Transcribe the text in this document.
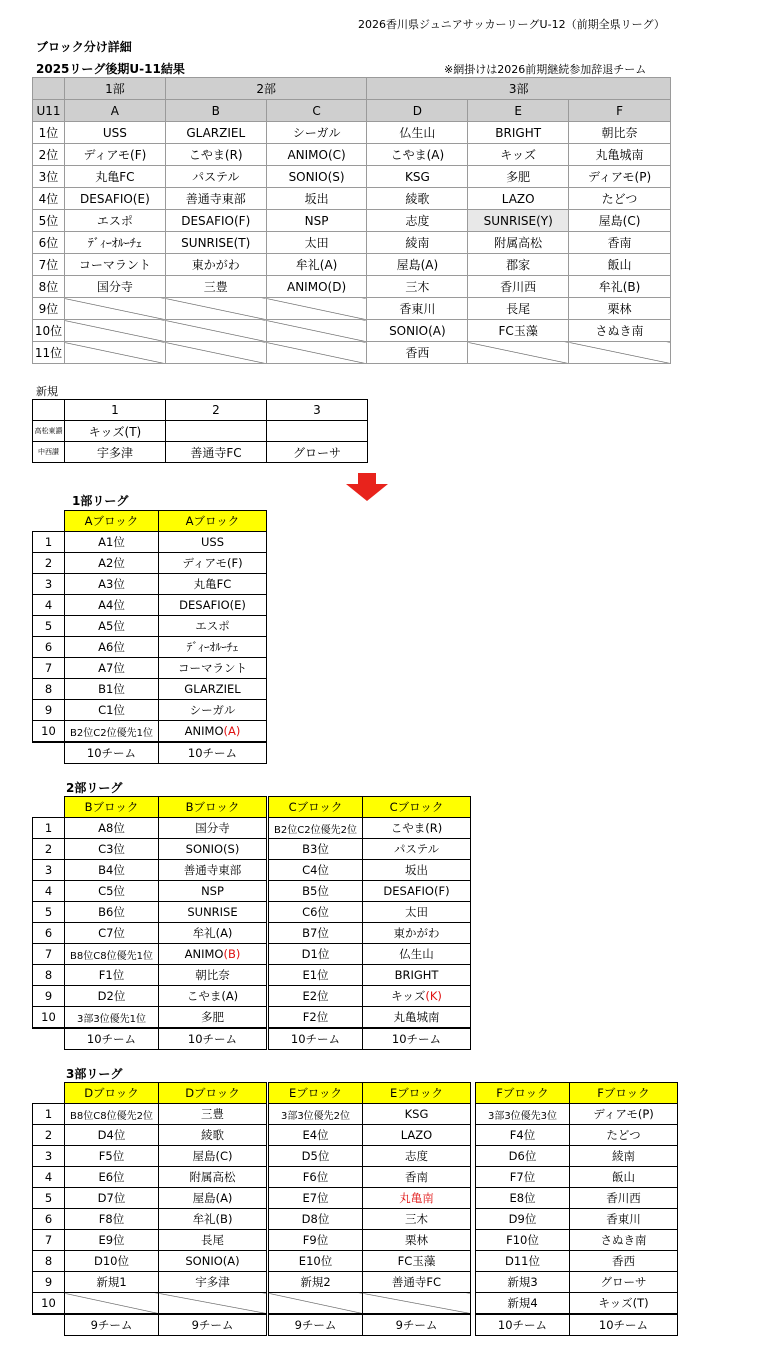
2026香川県ジュニアサッカーリーグU-12（前期全県リーグ）
ブロック分け詳細
2025リーグ後期U-11結果	※網掛けは2026前期継続参加辞退チーム
	1部	2部		3部		
U11	A	B	C	D	E	F
1位	USS	GLARZIEL	シーガル	仏生山	BRIGHT	朝比奈
2位	ディアモ(F)	こやま(R)	ANIMO(C)	こやま(A)	キッズ	丸亀城南
3位	丸亀FC	パステル	SONIO(S)	KSG	多肥	ディアモ(P)
4位	DESAFIO(E)	善通寺東部	坂出	綾歌	LAZO	たどつ
5位	エスポ	DESAFIO(F)	NSP	志度	SUNRISE(Y)	屋島(C)
6位	ﾃﾞｨｰｵﾙｰﾁｪ	SUNRISE(T)	太田	綾南	附属高松	香南
7位	コーマラント	東かがわ	牟礼(A)	屋島(A)	郡家	飯山
8位	国分寺	三豊	ANIMO(D)	三木	香川西	牟礼(B)
9位				香東川	長尾	栗林
10位				SONIO(A)	FC玉藻	さぬき南
11位				香西		
新規
	1	2	3
高松東讃	キッズ(T)		
中西讃	宇多津	善通寺FC	グローサ
1部リーグ
2部リーグ
3部リーグ
	Aブロック	Aブロック
1	A1位	USS
2	A2位	ディアモ(F)
3	A3位	丸亀FC
4	A4位	DESAFIO(E)
5	A5位	エスポ
6	A6位	ﾃﾞｨｰｵﾙｰﾁｪ
7	A7位	コーマラント
8	B1位	GLARZIEL
9	C1位	シーガル
10	B2位C2位優先1位	ANIMO(A)
	10チーム	10チーム
	Bブロック	Bブロック
1	A8位	国分寺
2	C3位	SONIO(S)
3	B4位	善通寺東部
4	C5位	NSP
5	B6位	SUNRISE
6	C7位	牟礼(A)
7	B8位C8位優先1位	ANIMO(B)
8	F1位	朝比奈
9	D2位	こやま(A)
10	3部3位優先1位	多肥
	10チーム	10チーム
Cブロック	Cブロック
B2位C2位優先2位	こやま(R)
B3位	パステル
C4位	坂出
B5位	DESAFIO(F)
C6位	太田
B7位	東かがわ
D1位	仏生山
E1位	BRIGHT
E2位	キッズ(K)
F2位	丸亀城南
10チーム	10チーム
	Dブロック	Dブロック
1	B8位C8位優先2位	三豊
2	D4位	綾歌
3	F5位	屋島(C)
4	E6位	附属高松
5	D7位	屋島(A)
6	F8位	牟礼(B)
7	E9位	長尾
8	D10位	SONIO(A)
9	新規1	宇多津
10		
	9チーム	9チーム
Eブロック	Eブロック
3部3位優先2位	KSG
E4位	LAZO
D5位	志度
F6位	香南
E7位	丸亀南
D8位	三木
F9位	栗林
E10位	FC玉藻
新規2	善通寺FC

9チーム	9チーム
Fブロック	Fブロック
3部3位優先3位	ディアモ(P)
F4位	たどつ
D6位	綾南
F7位	飯山
E8位	香川西
D9位	香東川
F10位	さぬき南
D11位	香西
新規3	グローサ
新規4	キッズ(T)
10チーム	10チーム
